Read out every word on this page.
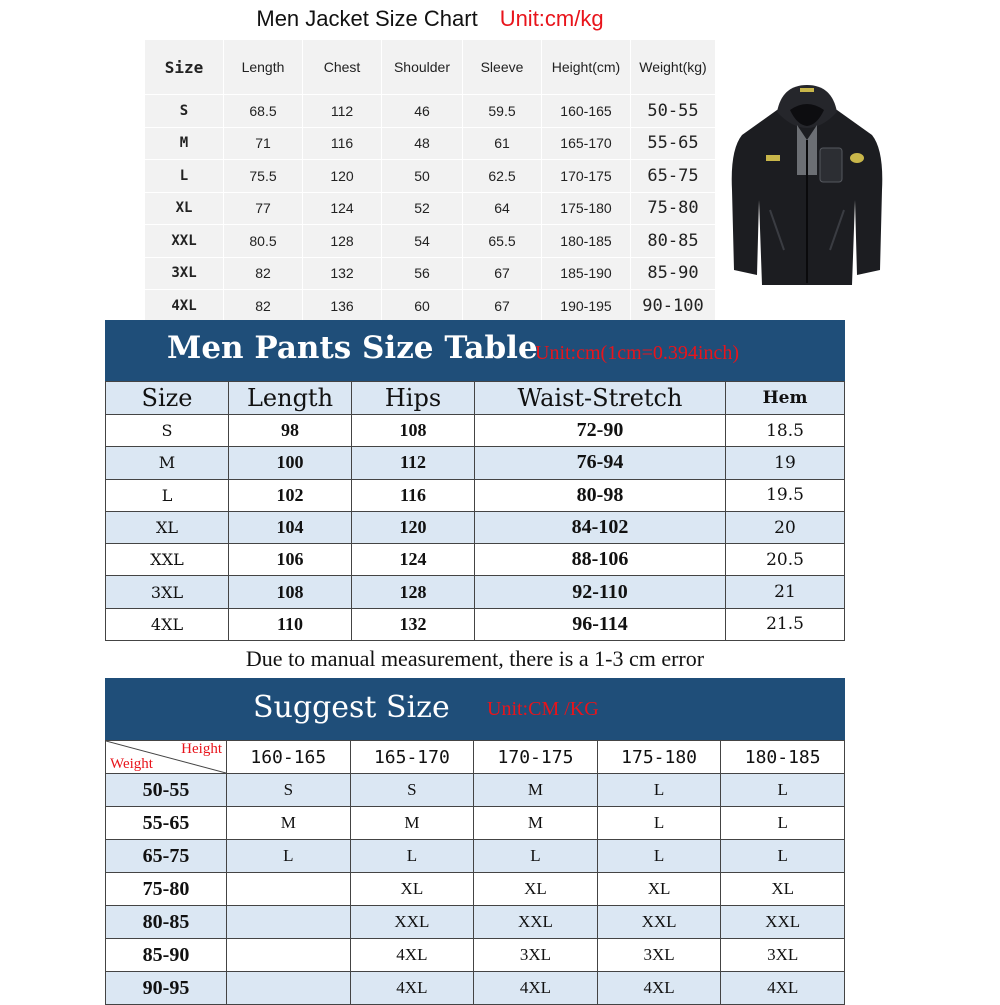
Men Jacket Size Chart Unit:cm/kg
Size	Length	Chest	Shoulder	Sleeve	Height(cm)	Weight(kg)
S	68.5	112	46	59.5	160-165	50-55
M	71	116	48	61	165-170	55-65
L	75.5	120	50	62.5	170-175	65-75
XL	77	124	52	64	175-180	75-80
XXL	80.5	128	54	65.5	180-185	80-85
3XL	82	132	56	67	185-190	85-90
4XL	82	136	60	67	190-195	90-100
Men Pants Size Table
Unit:cm(1cm=0.394inch)
Size	Length	Hips	Waist-Stretch	Hem
S	98	108	72-90	18.5
M	100	112	76-94	19
L	102	116	80-98	19.5
XL	104	120	84-102	20
XXL	106	124	88-106	20.5
3XL	108	128	92-110	21
4XL	110	132	96-114	21.5
Due to manual measurement, there is a 1-3 cm error
Suggest Size Unit:CM /KG
Height
Weight	160-165	165-170	170-175	175-180	180-185
50-55	S	S	M	L	L
55-65	M	M	M	L	L
65-75	L	L	L	L	L
75-80		XL	XL	XL	XL
80-85		XXL	XXL	XXL	XXL
85-90		4XL	3XL	3XL	3XL
90-95		4XL	4XL	4XL	4XL
